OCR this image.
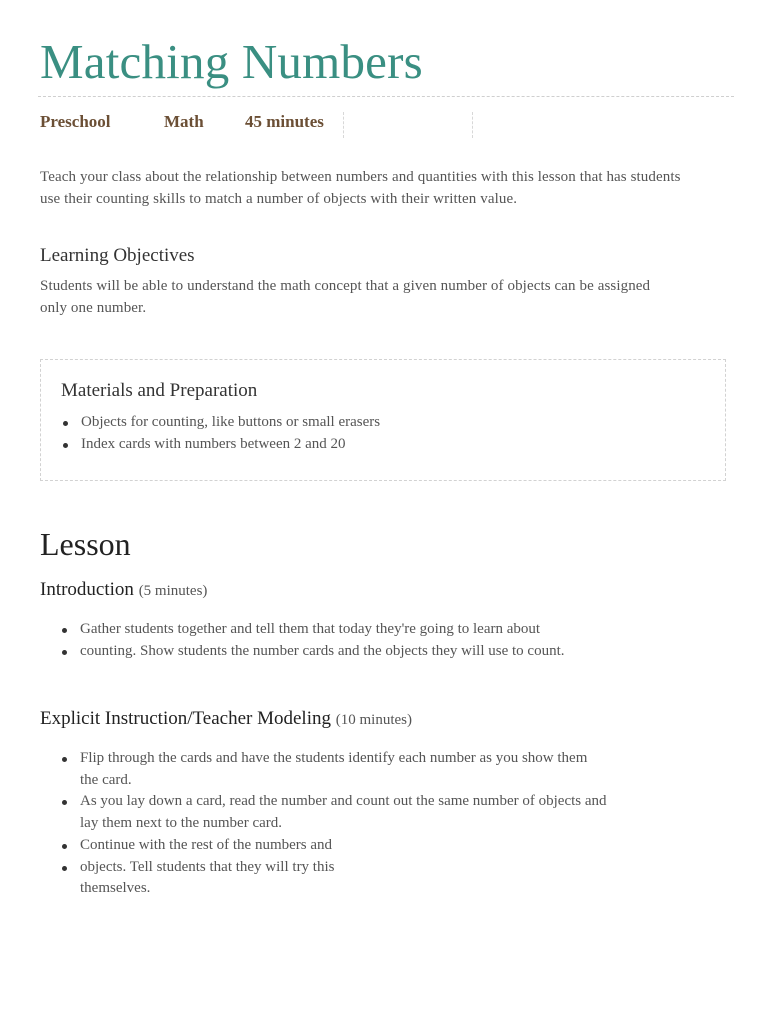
Matching Numbers
Preschool	Math 45 minutes

Teach your class about the relationship between numbers and quantities with this lesson that has students use their counting skills to match a number of objects with their written value.

Learning Objectives

Students will be able to understand the math concept that a given number of objects can be assigned only one number.

Materials and Preparation
Objects for counting, like buttons or small erasers
Index cards with numbers between 2 and 20
Lesson
Introduction (5 minutes)
Gather students together and tell them that today they're going to learn about
counting. Show students the number cards and the objects they will use to count.
Explicit Instruction/Teacher Modeling (10 minutes)
Flip through the cards and have the students identify each number as you show them
the card.
As you lay down a card, read the number and count out the same number of objects and
lay them next to the number card.
Continue with the rest of the numbers and
objects. Tell students that they will try this
themselves.
